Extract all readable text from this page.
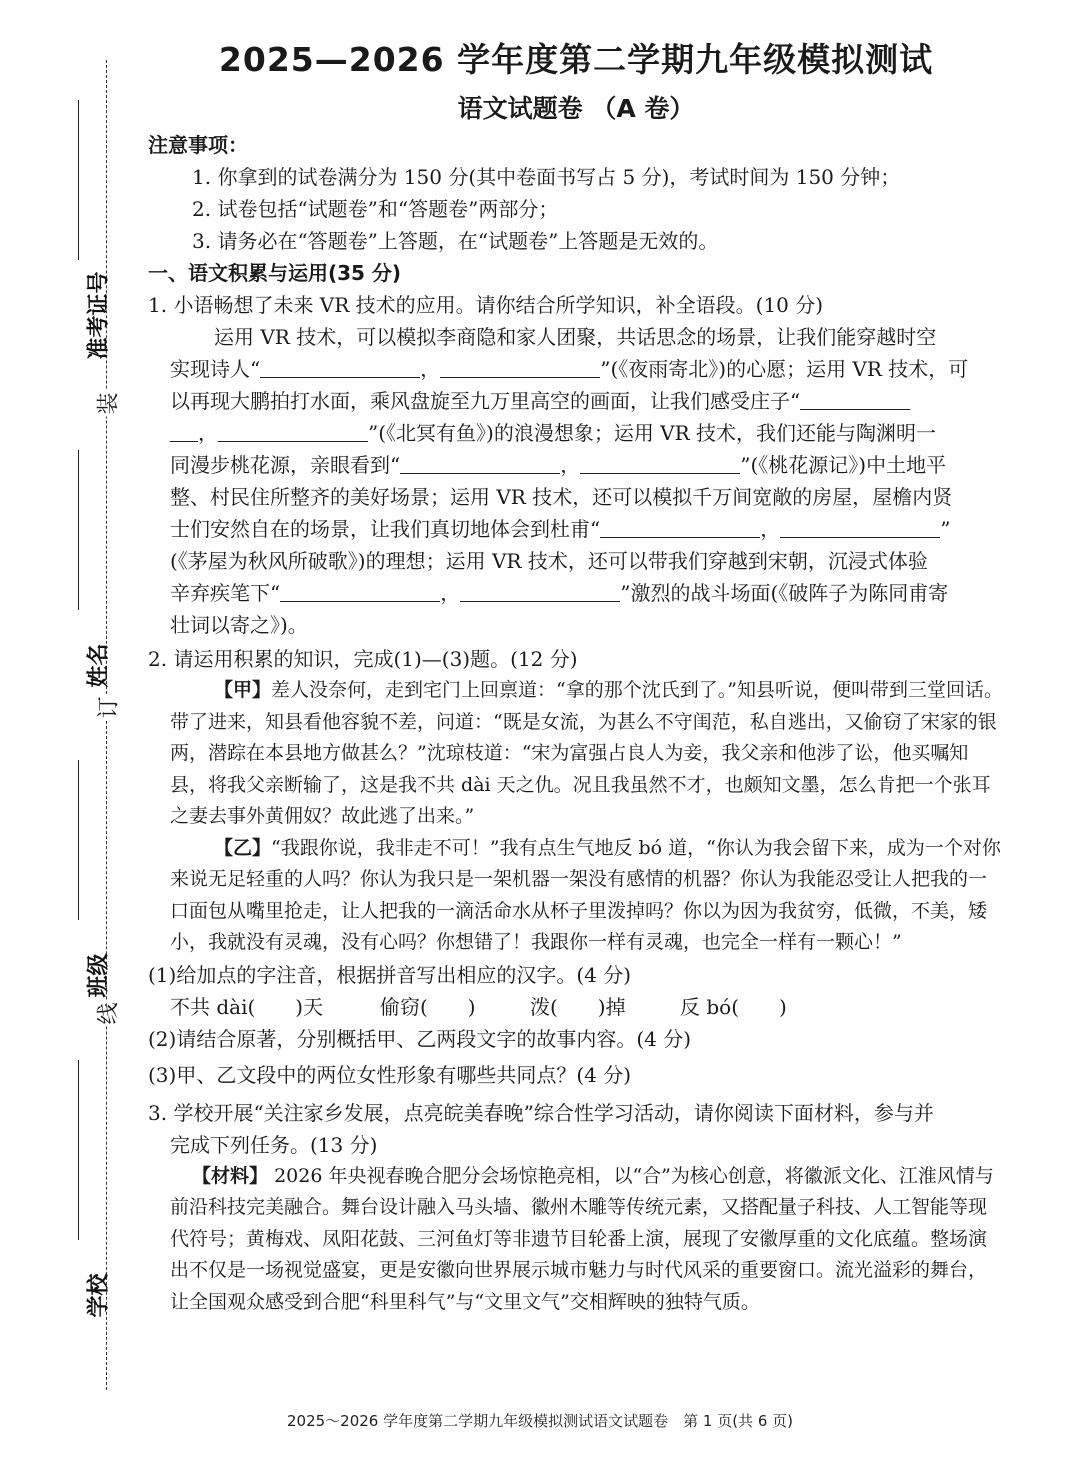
准考证号
姓名
班级
学校
装
订
线
2025—2026 学年度第二学期九年级模拟测试
语文试题卷 （A 卷）
注意事项：
1. 你拿到的试卷满分为 150 分(其中卷面书写占 5 分)，考试时间为 150 分钟；
2. 试卷包括“试题卷”和“答题卷”两部分；
3. 请务必在“答题卷”上答题，在“试题卷”上答题是无效的。
一、语文积累与运用(35 分)
1. 小语畅想了未来 VR 技术的应用。请你结合所学知识，补全语段。(10 分)
运用 VR 技术，可以模拟李商隐和家人团聚，共话思念的场景，让我们能穿越时空
实现诗人“	，	”(《夜雨寄北》)的心愿；运用 VR 技术，可
以再现大鹏拍打水面，乘风盘旋至九万里高空的画面，让我们感受庄子“
，	”(《北冥有鱼》)的浪漫想象；运用 VR 技术，我们还能与陶渊明一
同漫步桃花源，亲眼看到“	，	”(《桃花源记》)中土地平
整、村民住所整齐的美好场景；运用 VR 技术，还可以模拟千万间宽敞的房屋，屋檐内贤
士们安然自在的场景，让我们真切地体会到杜甫“	，	”
(《茅屋为秋风所破歌》)的理想；运用 VR 技术，还可以带我们穿越到宋朝，沉浸式体验
辛弃疾笔下“	，	”激烈的战斗场面(《破阵子为陈同甫寄
壮词以寄之》)。
2. 请运用积累的知识，完成(1)—(3)题。(12 分)
【甲】差人没奈何，走到宅门上回禀道：“拿的那个沈氏到了。”知县听说，便叫带到三堂回话。带了进来，知县看他容貌不差，问道：“既是女流，为甚么不守闺范，私自逃出，又偷窃了宋家的银两，潜踪在本县地方做甚么？”沈琼枝道：“宋为富强占良人为妾，我父亲和他涉了讼，他买嘱知县，将我父亲断输了，这是我不共 dài 天之仇。况且我虽然不才，也颇知文墨，怎么肯把一个张耳之妻去事外黄佣奴？故此逃了出来。”
【乙】“我跟你说，我非走不可！”我有点生气地反 bó 道，“你认为我会留下来，成为一个对你来说无足轻重的人吗？你认为我只是一架机器一架没有感情的机器？你认为我能忍受让人把我的一口面包从嘴里抢走，让人把我的一滴活命水从杯子里泼掉吗？你以为因为我贫穷，低微，不美，矮小，我就没有灵魂，没有心吗？你想错了！我跟你一样有灵魂，也完全一样有一颗心！”
(1)给加点的字注音，根据拼音写出相应的汉字。(4 分)
不共 dài(　　)天	偷窃(　　)	泼(　　)掉	反 bó(　　)
(2)请结合原著，分别概括甲、乙两段文字的故事内容。(4 分)
(3)甲、乙文段中的两位女性形象有哪些共同点？(4 分)
3. 学校开展“关注家乡发展，点亮皖美春晚”综合性学习活动，请你阅读下面材料，参与并
完成下列任务。(13 分)
【材料】 2026 年央视春晚合肥分会场惊艳亮相，以“合”为核心创意，将徽派文化、江淮风情与前沿科技完美融合。舞台设计融入马头墙、徽州木雕等传统元素，又搭配量子科技、人工智能等现代符号；黄梅戏、凤阳花鼓、三河鱼灯等非遗节目轮番上演，展现了安徽厚重的文化底蕴。整场演出不仅是一场视觉盛宴，更是安徽向世界展示城市魅力与时代风采的重要窗口。流光溢彩的舞台，让全国观众感受到合肥“科里科气”与“文里文气”交相辉映的独特气质。
2025～2026 学年度第二学期九年级模拟测试语文试题卷　第 1 页(共 6 页)
